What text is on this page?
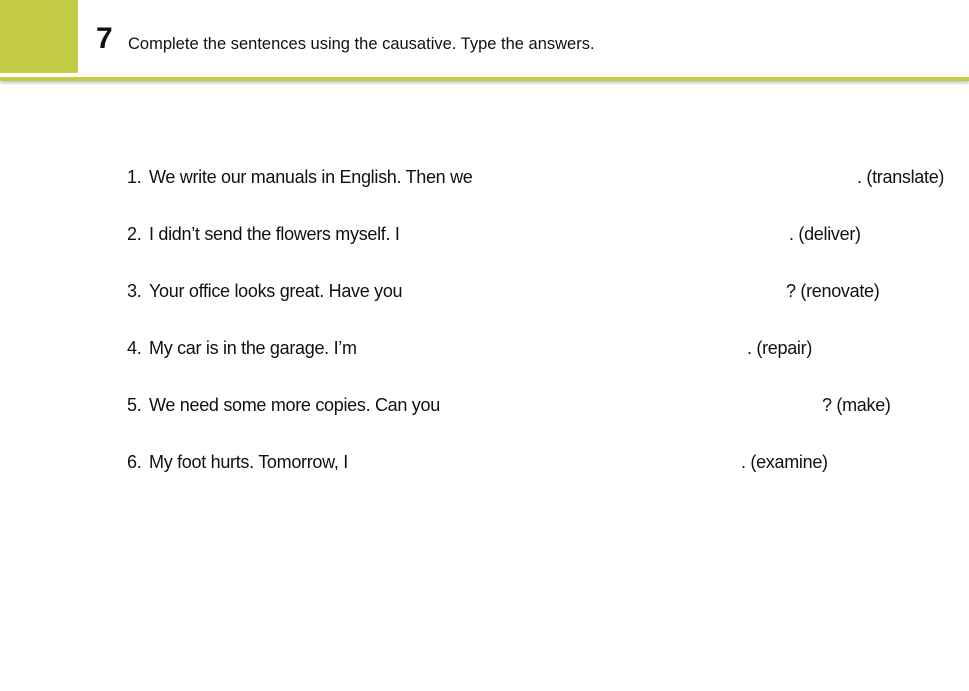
7 Complete the sentences using the causative. Type the answers.
1. We write our manuals in English. Then we	. (translate)
2. I didn’t send the flowers myself. I	. (deliver)
3. Your office looks great. Have you	? (renovate)
4. My car is in the garage. I’m	. (repair)
5. We need some more copies. Can you	? (make)
6. My foot hurts. Tomorrow, I	. (examine)
